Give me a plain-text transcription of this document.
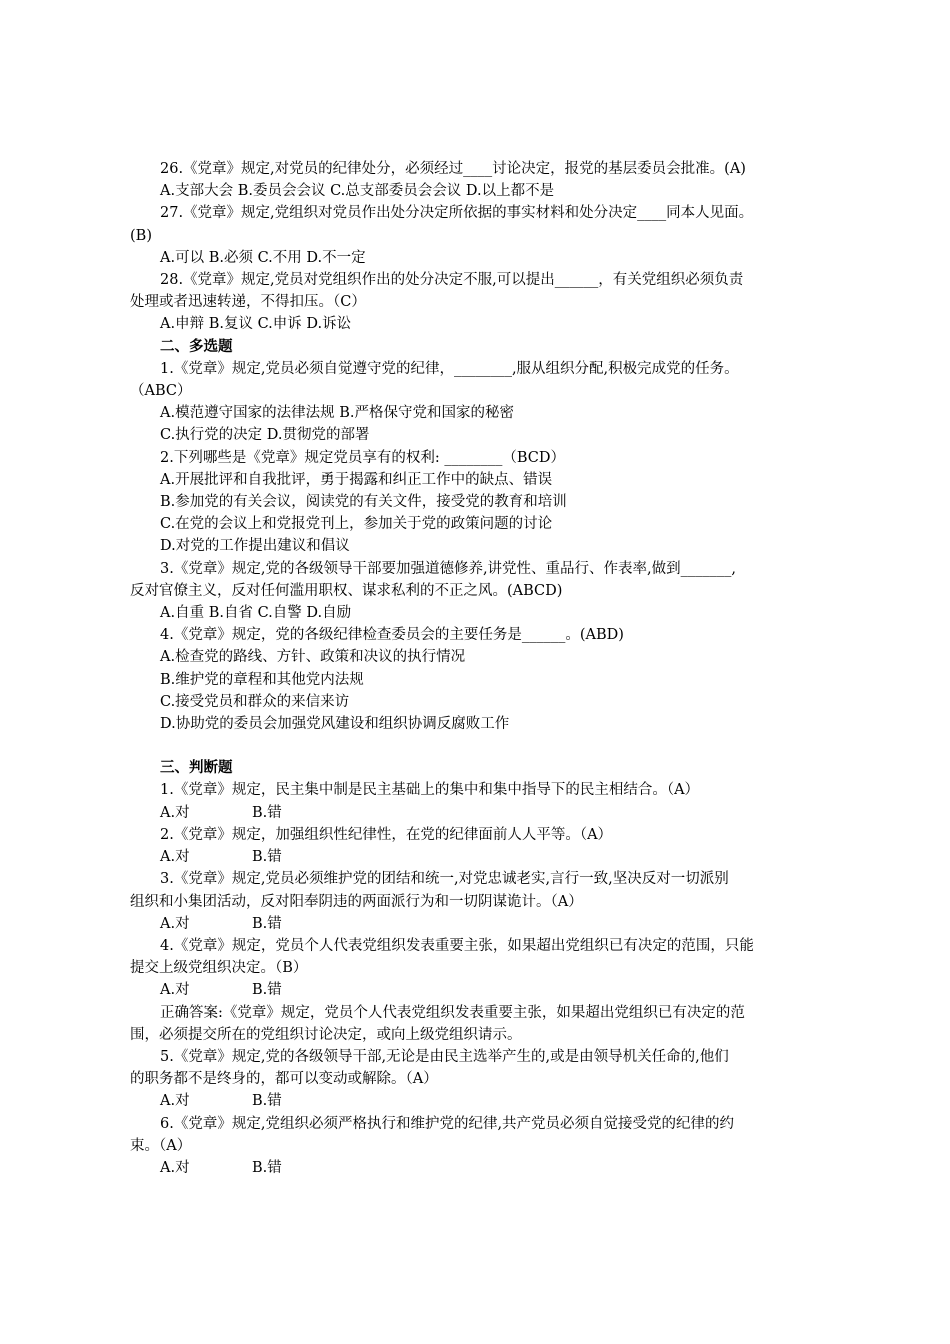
26.《党章》规定,对党员的纪律处分，必须经过____讨论决定，报党的基层委员会批准。(A)
A.支部大会 B.委员会会议 C.总支部委员会会议 D.以上都不是
27.《党章》规定,党组织对党员作出处分决定所依据的事实材料和处分决定____同本人见面。
(B)
A.可以 B.必须 C.不用 D.不一定
28.《党章》规定,党员对党组织作出的处分决定不服,可以提出______，有关党组织必须负责
处理或者迅速转递，不得扣压。（C）
A.申辩 B.复议 C.申诉 D.诉讼
二、多选题
1.《党章》规定,党员必须自觉遵守党的纪律，________,服从组织分配,积极完成党的任务。
（ABC）
A.模范遵守国家的法律法规 B.严格保守党和国家的秘密
C.执行党的决定 D.贯彻党的部署
2.下列哪些是《党章》规定党员享有的权利: ________（BCD）
A.开展批评和自我批评，勇于揭露和纠正工作中的缺点、错误
B.参加党的有关会议，阅读党的有关文件，接受党的教育和培训
C.在党的会议上和党报党刊上，参加关于党的政策问题的讨论
D.对党的工作提出建议和倡议
3.《党章》规定,党的各级领导干部要加强道德修养,讲党性、重品行、作表率,做到_______,
反对官僚主义，反对任何滥用职权、谋求私利的不正之风。(ABCD)
A.自重 B.自省 C.自警 D.自励
4.《党章》规定，党的各级纪律检查委员会的主要任务是______。(ABD)
A.检查党的路线、方针、政策和决议的执行情况
B.维护党的章程和其他党内法规
C.接受党员和群众的来信来访
D.协助党的委员会加强党风建设和组织协调反腐败工作
三、判断题
1.《党章》规定，民主集中制是民主基础上的集中和集中指导下的民主相结合。（A）
A.对	B.错
2.《党章》规定，加强组织性纪律性，在党的纪律面前人人平等。（A）
A.对	B.错
3.《党章》规定,党员必须维护党的团结和统一,对党忠诚老实,言行一致,坚决反对一切派别
组织和小集团活动，反对阳奉阴违的两面派行为和一切阴谋诡计。（A）
A.对	B.错
4.《党章》规定，党员个人代表党组织发表重要主张，如果超出党组织已有决定的范围，只能
提交上级党组织决定。（B）
A.对	B.错
正确答案:《党章》规定，党员个人代表党组织发表重要主张，如果超出党组织已有决定的范
围，必须提交所在的党组织讨论决定，或向上级党组织请示。
5.《党章》规定,党的各级领导干部,无论是由民主选举产生的,或是由领导机关任命的,他们
的职务都不是终身的，都可以变动或解除。（A）
A.对	B.错
6.《党章》规定,党组织必须严格执行和维护党的纪律,共产党员必须自觉接受党的纪律的约
束。（A）
A.对	B.错
